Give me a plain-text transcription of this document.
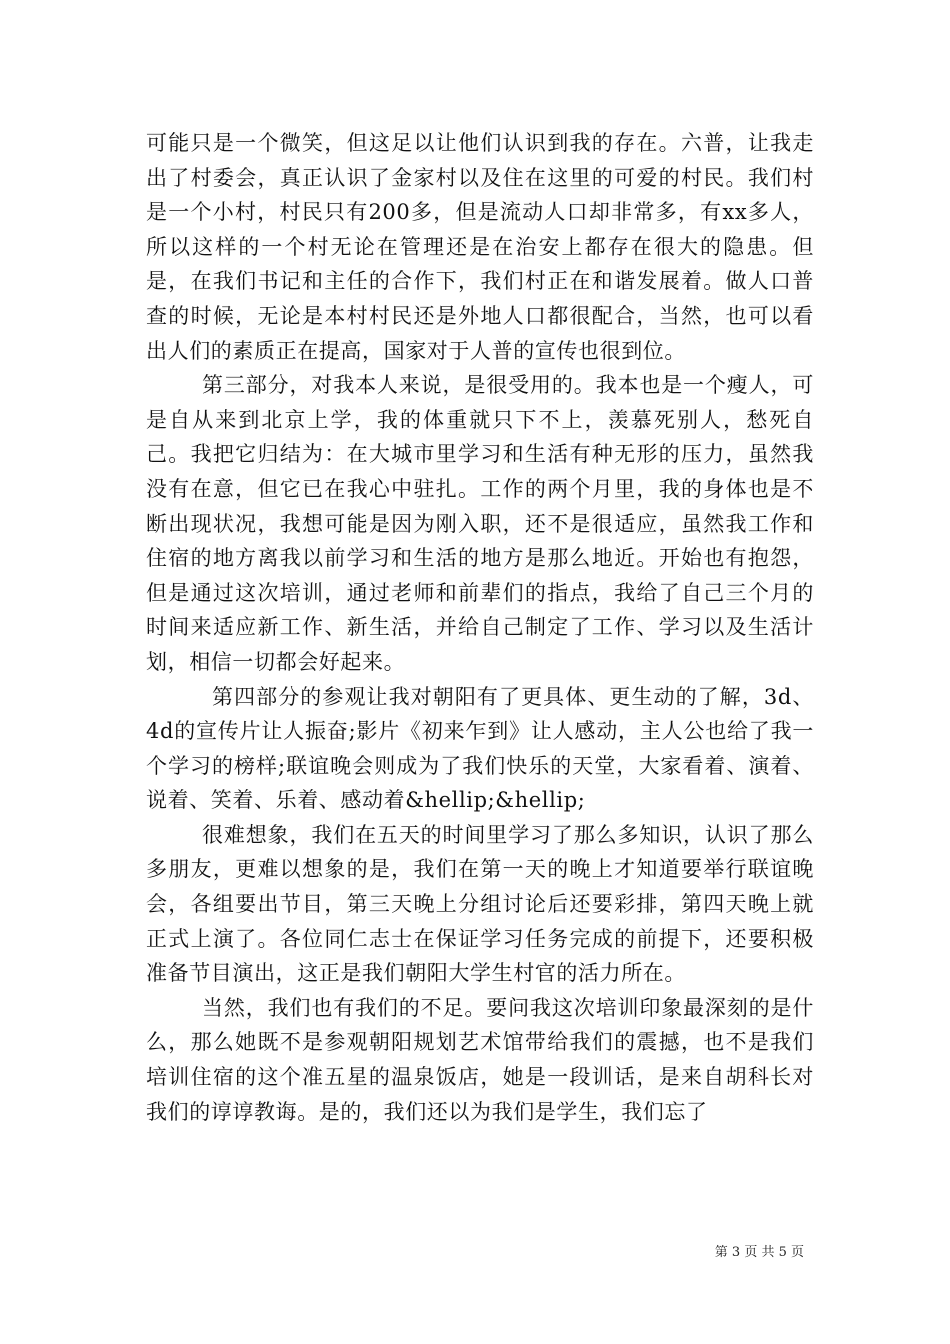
可能只是一个微笑，但这足以让他们认识到我的存在。六普，让我走出了村委会，真正认识了金家村以及住在这里的可爱的村民。我们村是一个小村，村民只有200多，但是流动人口却非常多，有xx多人，所以这样的一个村无论在管理还是在治安上都存在很大的隐患。但是，在我们书记和主任的合作下，我们村正在和谐发展着。做人口普查的时候，无论是本村村民还是外地人口都很配合，当然，也可以看出人们的素质正在提高，国家对于人普的宣传也很到位。

第三部分，对我本人来说，是很受用的。我本也是一个瘦人，可是自从来到北京上学，我的体重就只下不上，羡慕死别人，愁死自己。我把它归结为：在大城市里学习和生活有种无形的压力，虽然我没有在意，但它已在我心中驻扎。工作的两个月里，我的身体也是不断出现状况，我想可能是因为刚入职，还不是很适应，虽然我工作和住宿的地方离我以前学习和生活的地方是那么地近。开始也有抱怨，但是通过这次培训，通过老师和前辈们的指点，我给了自己三个月的时间来适应新工作、新生活，并给自己制定了工作、学习以及生活计划，相信一切都会好起来。

第四部分的参观让我对朝阳有了更具体、更生动的了解，3d、4d的宣传片让人振奋;影片《初来乍到》让人感动，主人公也给了我一个学习的榜样;联谊晚会则成为了我们快乐的天堂，大家看着、演着、说着、笑着、乐着、感动着&hellip;&hellip;

很难想象，我们在五天的时间里学习了那么多知识，认识了那么多朋友，更难以想象的是，我们在第一天的晚上才知道要举行联谊晚会，各组要出节目，第三天晚上分组讨论后还要彩排，第四天晚上就正式上演了。各位同仁志士在保证学习任务完成的前提下，还要积极准备节目演出，这正是我们朝阳大学生村官的活力所在。

当然，我们也有我们的不足。要问我这次培训印象最深刻的是什么，那么她既不是参观朝阳规划艺术馆带给我们的震撼，也不是我们培训住宿的这个准五星的温泉饭店，她是一段训话，是来自胡科长对我们的谆谆教诲。是的，我们还以为我们是学生，我们忘了

第 3 页 共 5 页
